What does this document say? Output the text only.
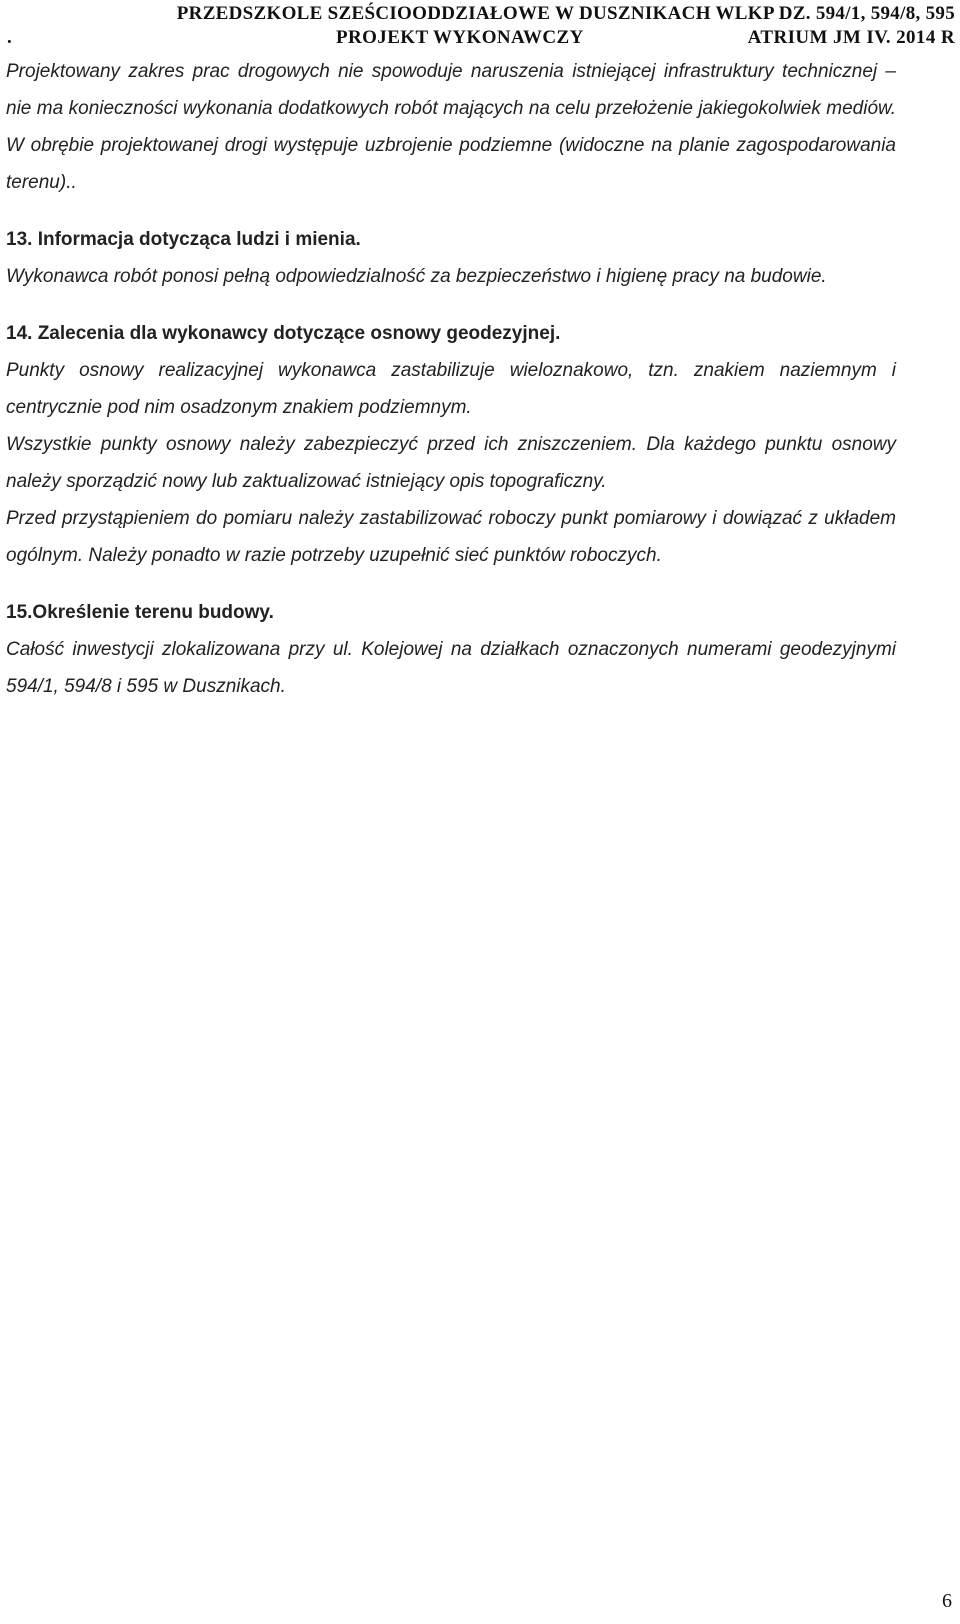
PRZEDSZKOLE SZEŚCIOODDZIAŁOWE W DUSZNIKACH WLKP DZ. 594/1, 594/8, 595
.	PROJEKT WYKONAWCZY	ATRIUM JM IV. 2014 R

Projektowany zakres prac drogowych nie spowoduje naruszenia istniejącej infrastruktury technicznej – nie ma konieczności wykonania dodatkowych robót mających na celu przełożenie jakiegokolwiek mediów. W obrębie projektowanej drogi występuje uzbrojenie podziemne (widoczne na planie zagospodarowania terenu)..

13. Informacja dotycząca ludzi i mienia.

Wykonawca robót ponosi pełną odpowiedzialność za bezpieczeństwo i higienę pracy na budowie.

14. Zalecenia dla wykonawcy dotyczące osnowy geodezyjnej.

Punkty osnowy realizacyjnej wykonawca zastabilizuje wieloznakowo, tzn. znakiem naziemnym i centrycznie pod nim osadzonym znakiem podziemnym.

Wszystkie punkty osnowy należy zabezpieczyć przed ich zniszczeniem. Dla każdego punktu osnowy należy sporządzić nowy lub zaktualizować istniejący opis topograficzny.

Przed przystąpieniem do pomiaru należy zastabilizować roboczy punkt pomiarowy i dowiązać z układem ogólnym. Należy ponadto w razie potrzeby uzupełnić sieć punktów roboczych.

15.Określenie terenu budowy.

Całość inwestycji zlokalizowana przy ul. Kolejowej na działkach oznaczonych numerami geodezyjnymi 594/1, 594/8 i 595 w Dusznikach.

6
